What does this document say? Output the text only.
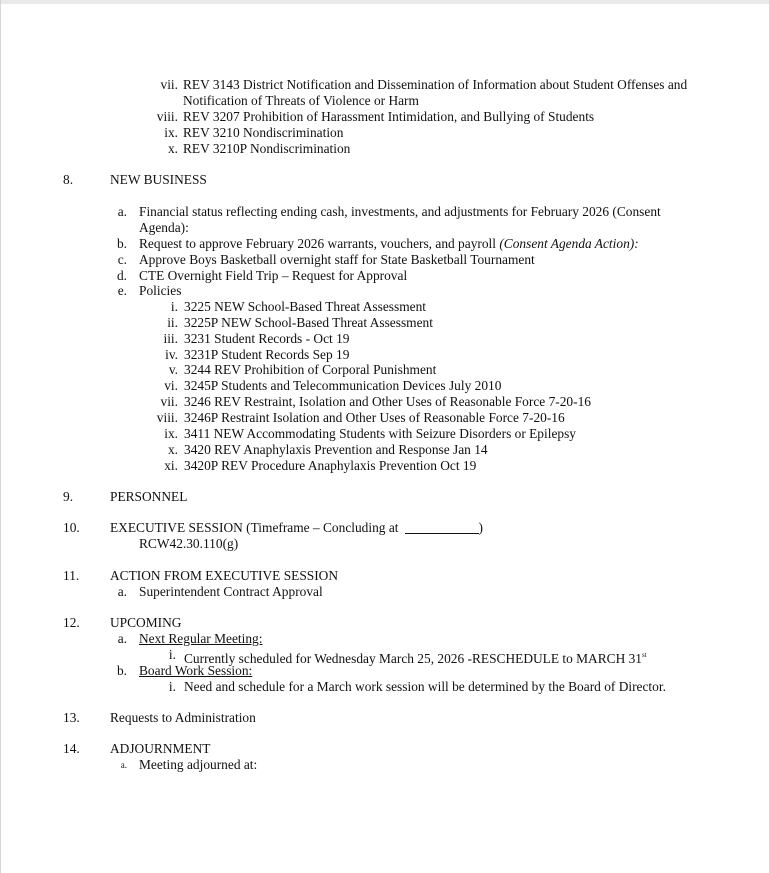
vii. REV 3143 District Notification and Dissemination of Information about Student Offenses and
Notification of Threats of Violence or Harm
viii. REV 3207 Prohibition of Harassment Intimidation, and Bullying of Students
ix. REV 3210 Nondiscrimination
x. REV 3210P Nondiscrimination
8.	NEW BUSINESS
a. Financial status reflecting ending cash, investments, and adjustments for February 2026 (Consent
Agenda):
b. Request to approve February 2026 warrants, vouchers, and payroll (Consent Agenda Action):
c. Approve Boys Basketball overnight staff for State Basketball Tournament
d. CTE Overnight Field Trip – Request for Approval
e. Policies
i. 3225 NEW School-Based Threat Assessment
ii. 3225P NEW School-Based Threat Assessment
iii. 3231 Student Records - Oct 19
iv. 3231P Student Records Sep 19
v. 3244 REV Prohibition of Corporal Punishment
vi. 3245P Students and Telecommunication Devices July 2010
vii. 3246 REV Restraint, Isolation and Other Uses of Reasonable Force 7-20-16
viii. 3246P Restraint Isolation and Other Uses of Reasonable Force 7-20-16
ix. 3411 NEW Accommodating Students with Seizure Disorders or Epilepsy
x. 3420 REV Anaphylaxis Prevention and Response Jan 14
xi. 3420P REV Procedure Anaphylaxis Prevention Oct 19
9.	PERSONNEL
10. EXECUTIVE SESSION (Timeframe – Concluding at	)
RCW42.30.110(g)
11. ACTION FROM EXECUTIVE SESSION
a. Superintendent Contract Approval
12. UPCOMING
a. Next Regular Meeting:
i. Currently scheduled for Wednesday March 25, 2026 -RESCHEDULE to MARCH 31st
b. Board Work Session:
i. Need and schedule for a March work session will be determined by the Board of Director.
13. Requests to Administration
14. ADJOURNMENT
a. Meeting adjourned at:
